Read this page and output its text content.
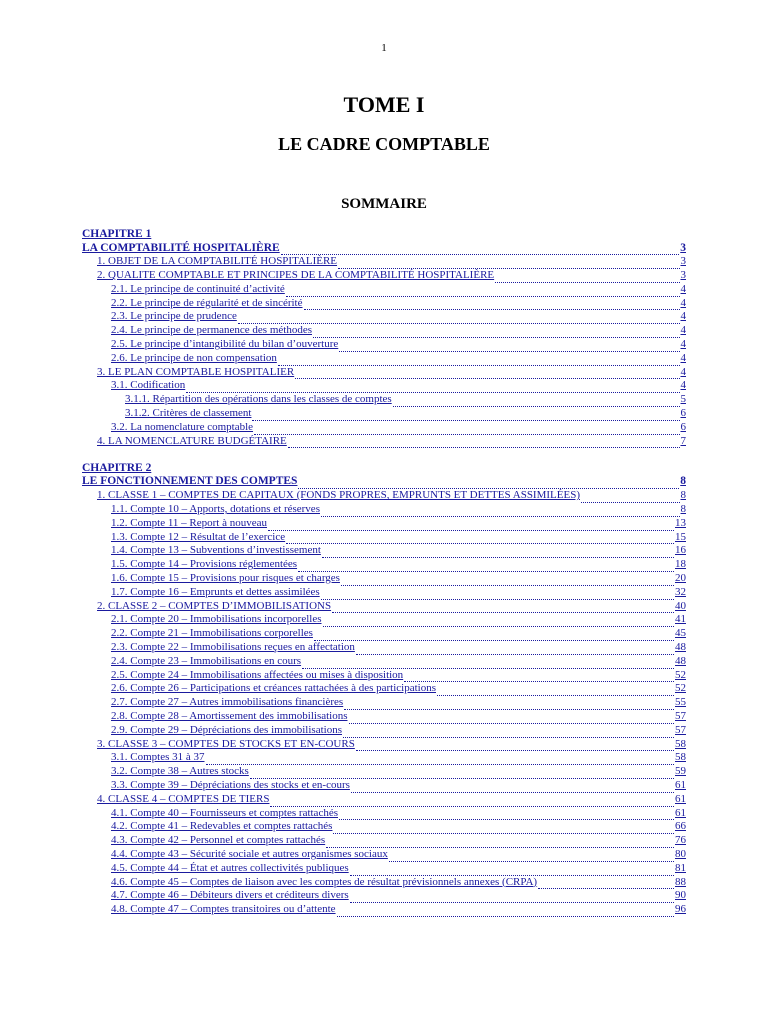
1
TOME I
LE CADRE COMPTABLE
SOMMAIRE
CHAPITRE 1
LA COMPTABILITÉ HOSPITALIÈRE	3
1. OBJET DE LA COMPTABILITÉ HOSPITALIÈRE	3
2. QUALITE COMPTABLE ET PRINCIPES DE LA COMPTABILITÉ HOSPITALIÈRE	3
2.1. Le principe de continuité d’activité	4
2.2. Le principe de régularité et de sincérité	4
2.3. Le principe de prudence	4
2.4. Le principe de permanence des méthodes	4
2.5. Le principe d’intangibilité du bilan d’ouverture	4
2.6. Le principe de non compensation	4
3. LE PLAN COMPTABLE HOSPITALIER	4
3.1. Codification	4
3.1.1. Répartition des opérations dans les classes de comptes	5
3.1.2. Critères de classement	6
3.2. La nomenclature comptable	6
4. LA NOMENCLATURE BUDGÉTAIRE	7
CHAPITRE 2
LE FONCTIONNEMENT DES COMPTES	8
1. CLASSE 1 – COMPTES DE CAPITAUX (FONDS PROPRES, EMPRUNTS ET DETTES ASSIMILÉES)	8
1.1. Compte 10 – Apports, dotations et réserves	8
1.2. Compte 11 – Report à nouveau	13
1.3. Compte 12 – Résultat de l’exercice	15
1.4. Compte 13 – Subventions d’investissement	16
1.5. Compte 14 – Provisions réglementées	18
1.6. Compte 15 – Provisions pour risques et charges	20
1.7. Compte 16 – Emprunts et dettes assimilées	32
2. CLASSE 2 – COMPTES D’IMMOBILISATIONS	40
2.1. Compte 20 – Immobilisations incorporelles	41
2.2. Compte 21 – Immobilisations corporelles	45
2.3. Compte 22 – Immobilisations reçues en affectation	48
2.4. Compte 23 – Immobilisations en cours	48
2.5. Compte 24 – Immobilisations affectées ou mises à disposition	52
2.6. Compte 26 – Participations et créances rattachées à des participations	52
2.7. Compte 27 – Autres immobilisations financières	55
2.8. Compte 28 – Amortissement des immobilisations	57
2.9. Compte 29 – Dépréciations des immobilisations	57
3. CLASSE 3 – COMPTES DE STOCKS ET EN-COURS	58
3.1. Comptes 31 à 37	58
3.2. Compte 38 – Autres stocks	59
3.3. Compte 39 – Dépréciations des stocks et en-cours	61
4. CLASSE 4 – COMPTES DE TIERS	61
4.1. Compte 40 – Fournisseurs et comptes rattachés	61
4.2. Compte 41 – Redevables et comptes rattachés	66
4.3. Compte 42 – Personnel et comptes rattachés	76
4.4. Compte 43 – Sécurité sociale et autres organismes sociaux	80
4.5. Compte 44 – État et autres collectivités publiques	81
4.6. Compte 45 – Comptes de liaison avec les comptes de résultat prévisionnels annexes (CRPA)	88
4.7. Compte 46 – Débiteurs divers et créditeurs divers	90
4.8. Compte 47 – Comptes transitoires ou d’attente	96
